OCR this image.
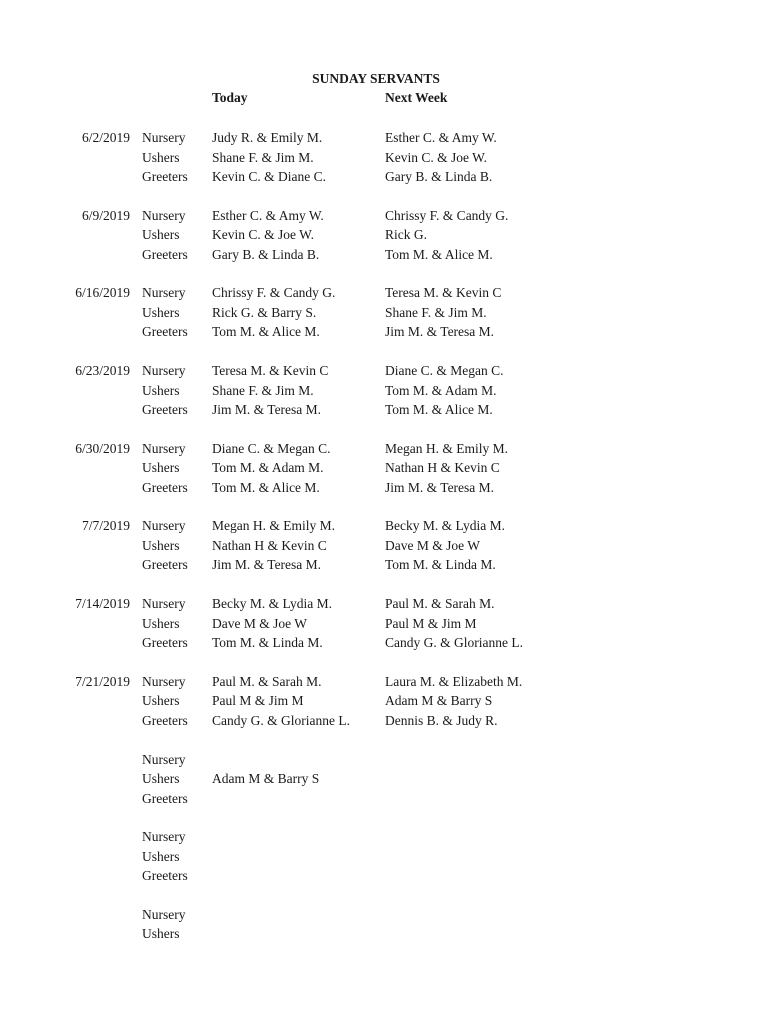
SUNDAY SERVANTS
Today	Next Week
6/2/2019 Nursery Judy R. & Emily M.	Esther C. & Amy W.
Ushers Shane F. & Jim M.	Kevin C. & Joe W.
Greeters Kevin C. & Diane C.	Gary B. & Linda B.
6/9/2019 Nursery Esther C. & Amy W.	Chrissy F. & Candy G.
Ushers Kevin C. & Joe W.	Rick G.
Greeters Gary B. & Linda B.	Tom M. & Alice M.
6/16/2019 Nursery Chrissy F. & Candy G.	Teresa M. & Kevin C
Ushers Rick G. & Barry S.	Shane F. & Jim M.
Greeters Tom M. & Alice M.	Jim M. & Teresa M.
6/23/2019 Nursery Teresa M. & Kevin C	Diane C. & Megan C.
Ushers Shane F. & Jim M.	Tom M. & Adam M.
Greeters Jim M. & Teresa M.	Tom M. & Alice M.
6/30/2019 Nursery Diane C. & Megan C.	Megan H. & Emily M.
Ushers Tom M. & Adam M.	Nathan H & Kevin C
Greeters Tom M. & Alice M.	Jim M. & Teresa M.
7/7/2019 Nursery Megan H. & Emily M.	Becky M. & Lydia M.
Ushers Nathan H & Kevin C	Dave M & Joe W
Greeters Jim M. & Teresa M.	Tom M. & Linda M.
7/14/2019 Nursery Becky M. & Lydia M.	Paul M. & Sarah M.
Ushers Dave M & Joe W	Paul M & Jim M
Greeters Tom M. & Linda M.	Candy G. & Glorianne L.
7/21/2019 Nursery Paul M. & Sarah M.	Laura M. & Elizabeth M.
Ushers Paul M & Jim M	Adam M & Barry S
Greeters Candy G. & Glorianne L.	Dennis B. & Judy R.
Nursery
Ushers Adam M & Barry S
Greeters
Nursery
Ushers
Greeters
Nursery
Ushers
